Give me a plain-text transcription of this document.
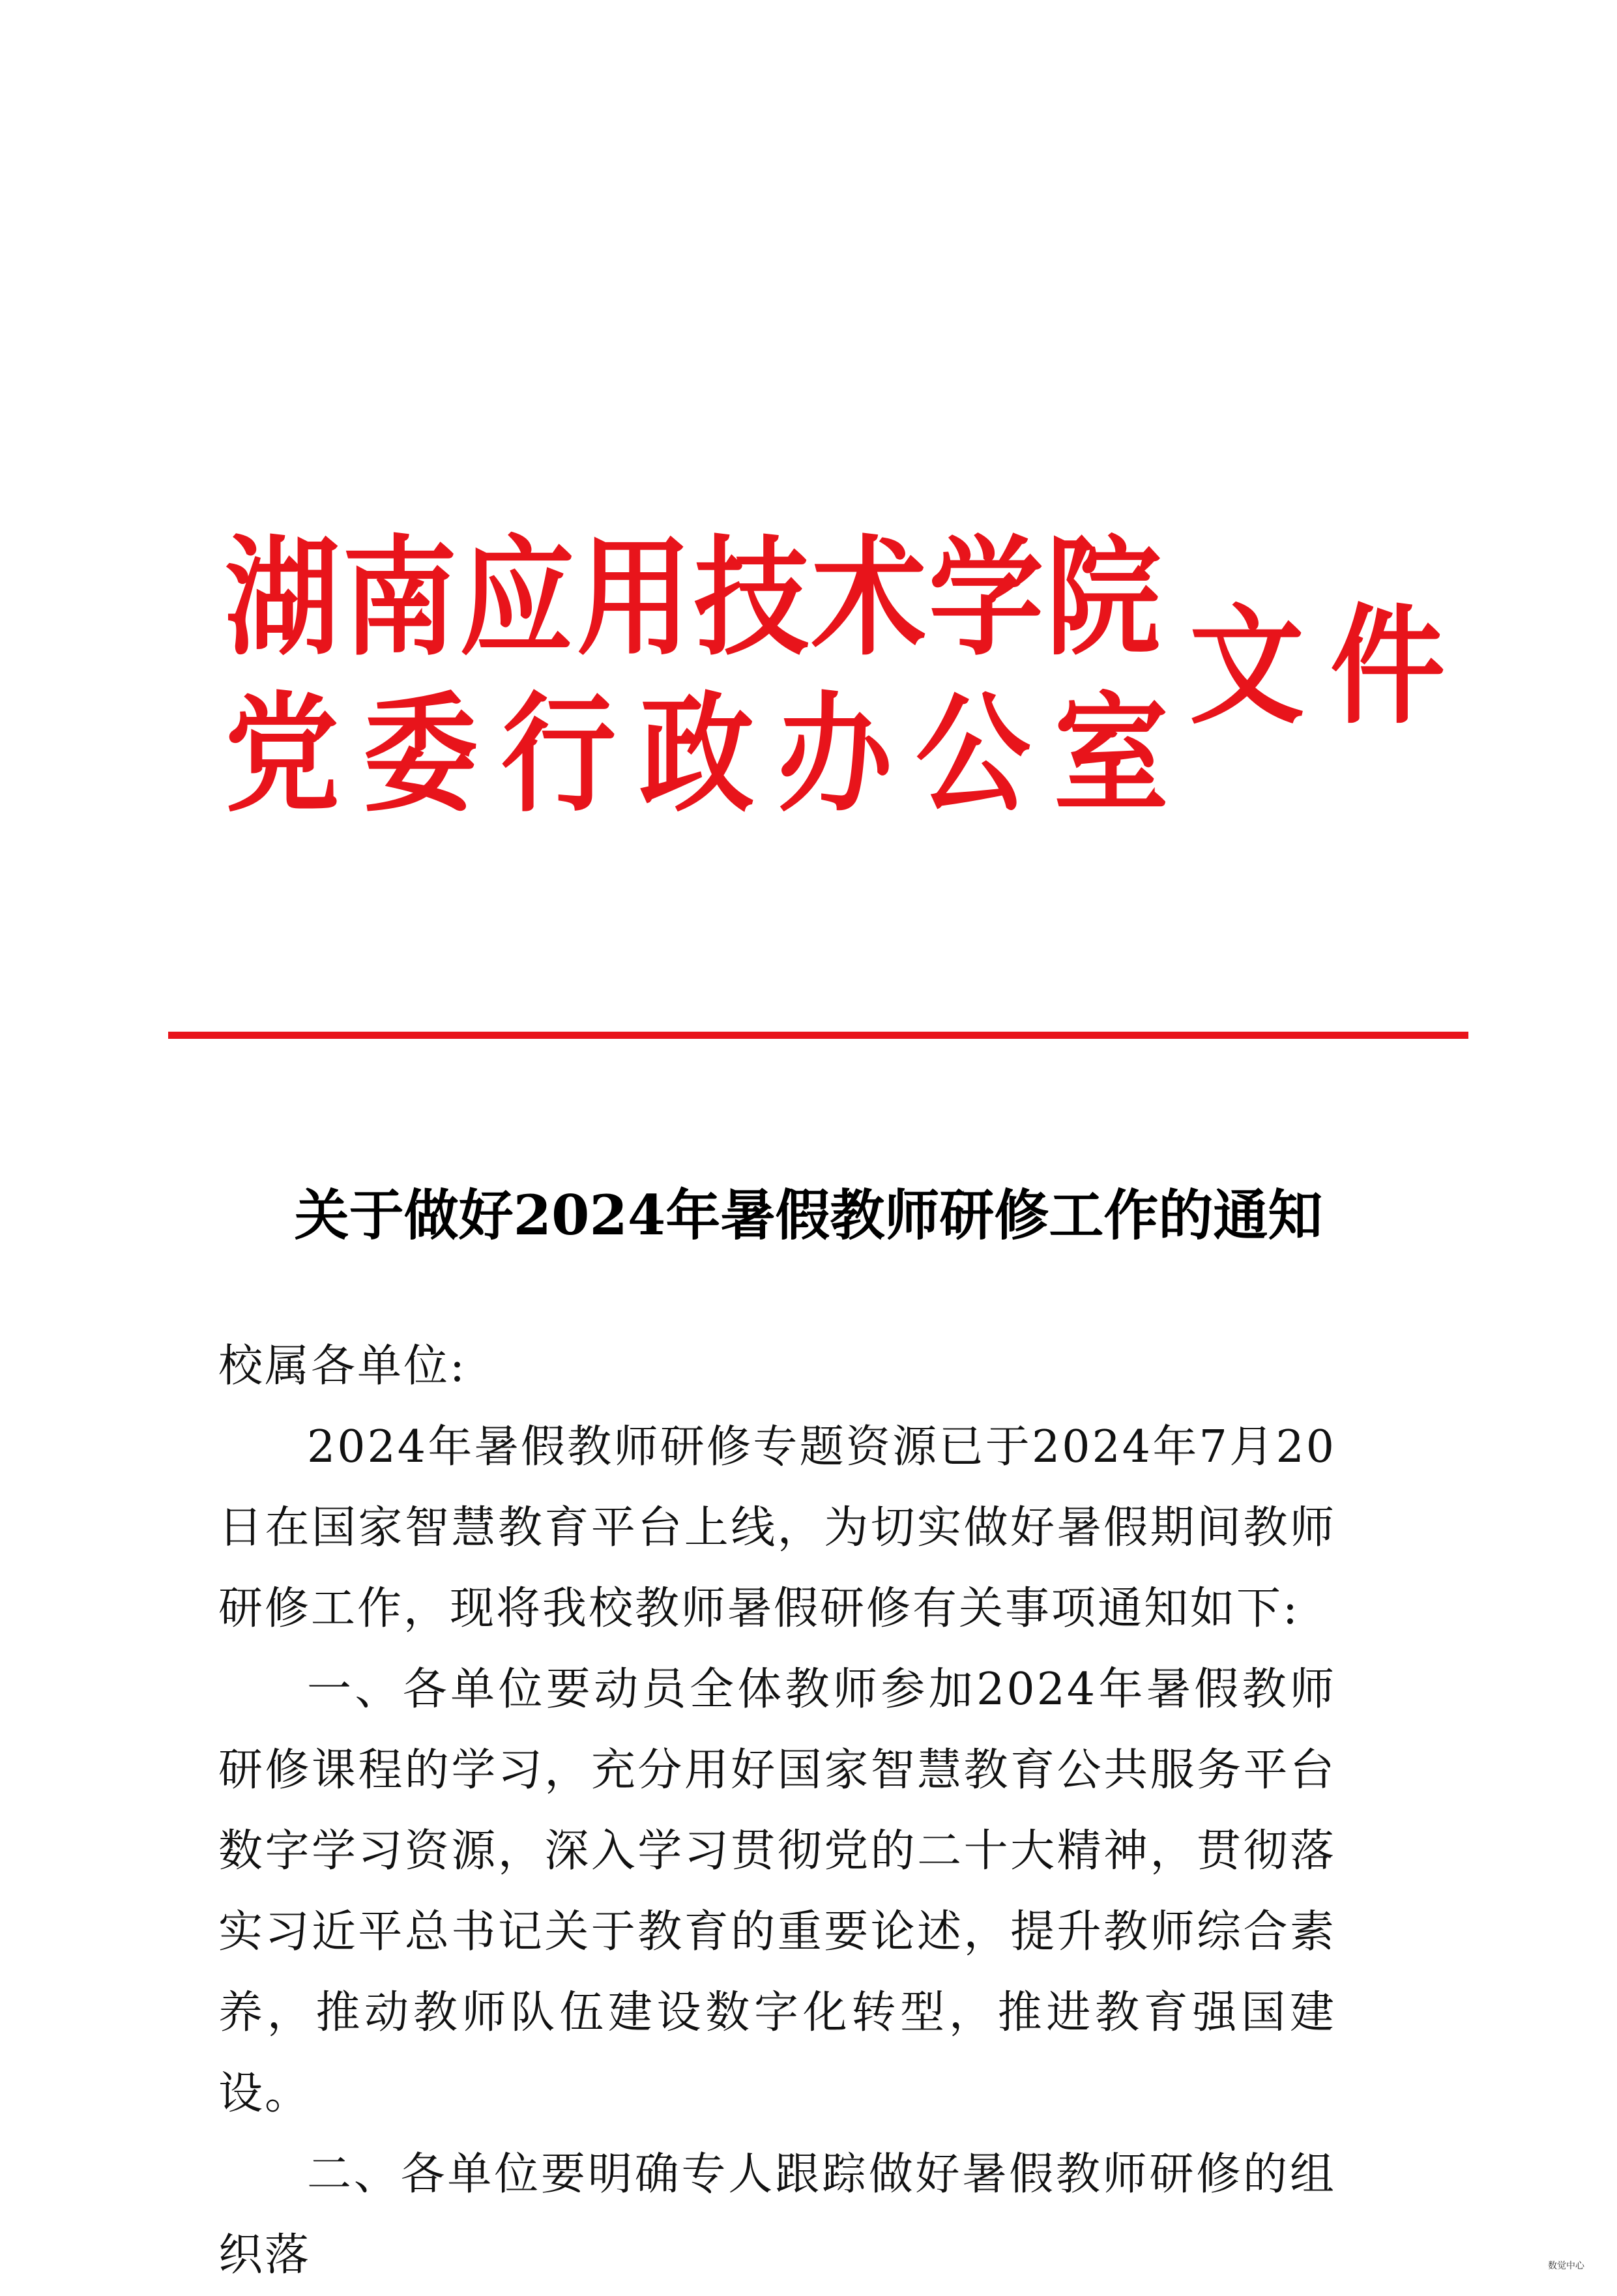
湖南应用技术学院
党委行政办公室
文件
关于做好2024年暑假教师研修工作的通知

校属各单位:

2024年暑假教师研修专题资源已于2024年7月20日在国家智慧教育平台上线，为切实做好暑假期间教师研修工作，现将我校教师暑假研修有关事项通知如下:

一、各单位要动员全体教师参加2024年暑假教师研修课程的学习，充分用好国家智慧教育公共服务平台数字学习资源，深入学习贯彻党的二十大精神，贯彻落实习近平总书记关于教育的重要论述，提升教师综合素养，推动教师队伍建设数字化转型，推进教育强国建设。

二、各单位要明确专人跟踪做好暑假教师研修的组织落	数觉中心
